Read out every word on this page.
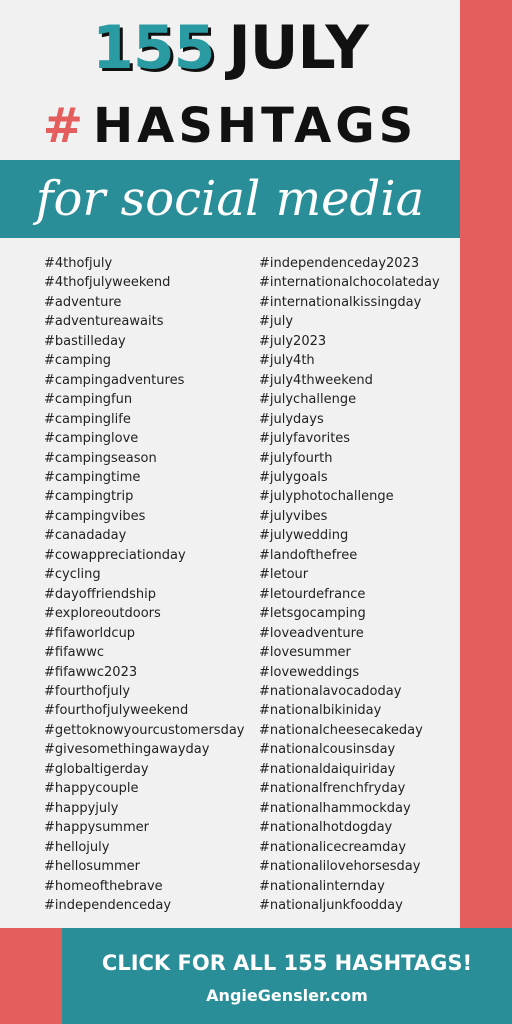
155 JULY
# HASHTAGS
for social media
#4thofjuly
#4thofjulyweekend
#adventure
#adventureawaits
#bastilleday
#camping
#campingadventures
#campingfun
#campinglife
#campinglove
#campingseason
#campingtime
#campingtrip
#campingvibes
#canadaday
#cowappreciationday
#cycling
#dayoffriendship
#exploreoutdoors
#fifaworldcup
#fifawwc
#fifawwc2023
#fourthofjuly
#fourthofjulyweekend
#gettoknowyourcustomersday
#givesomethingawayday
#globaltigerday
#happycouple
#happyjuly
#happysummer
#hellojuly
#hellosummer
#homeofthebrave
#independenceday
#independenceday2023
#internationalchocolateday
#internationalkissingday
#july
#july2023
#july4th
#july4thweekend
#julychallenge
#julydays
#julyfavorites
#julyfourth
#julygoals
#julyphotochallenge
#julyvibes
#julywedding
#landofthefree
#letour
#letourdefrance
#letsgocamping
#loveadventure
#lovesummer
#loveweddings
#nationalavocadoday
#nationalbikiniday
#nationalcheesecakeday
#nationalcousinsday
#nationaldaiquiriday
#nationalfrenchfryday
#nationalhammockday
#nationalhotdogday
#nationalicecreamday
#nationalilovehorsesday
#nationalinternday
#nationaljunkfoodday
CLICK FOR ALL 155 HASHTAGS!
AngieGensler.com
